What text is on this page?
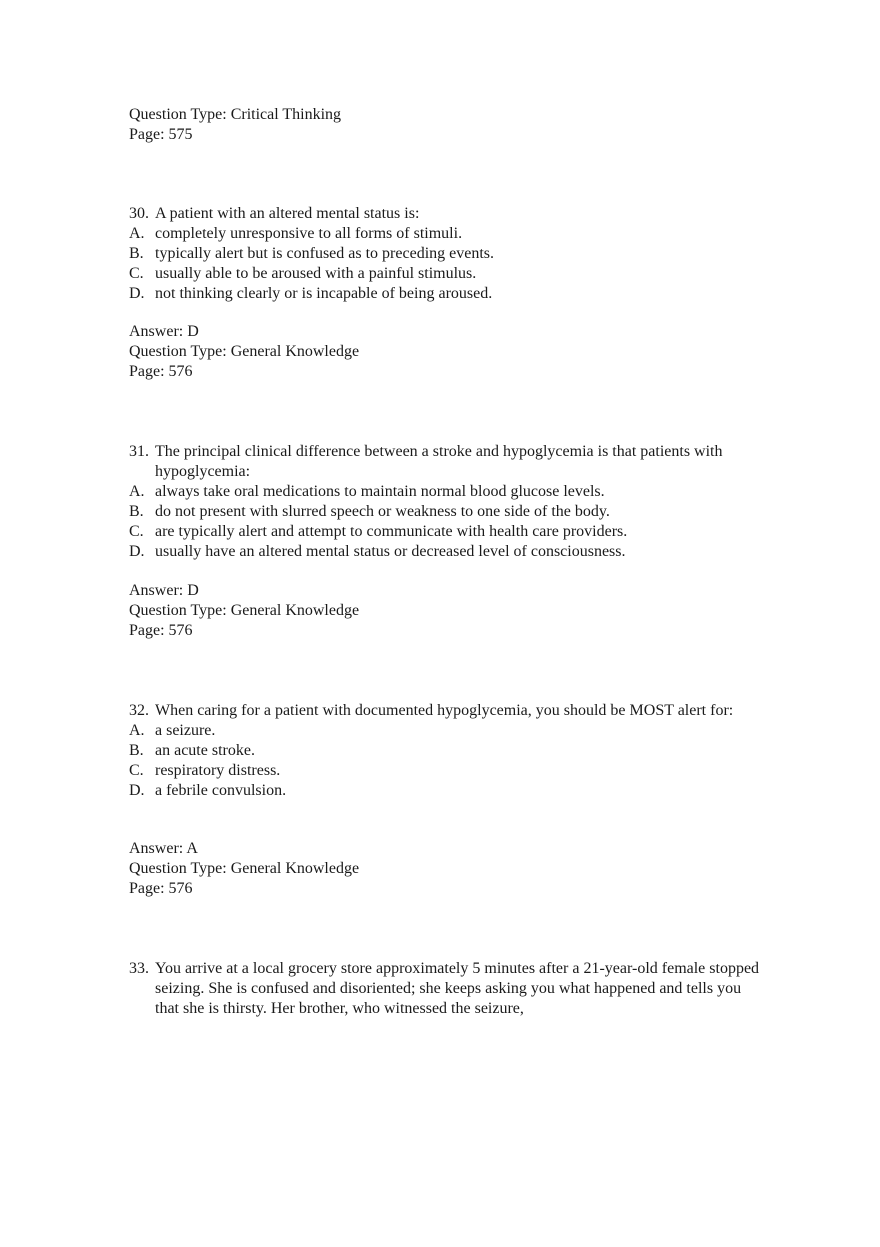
Question Type: Critical Thinking
Page: 575
30. A patient with an altered mental status is:
A. completely unresponsive to all forms of stimuli.
B. typically alert but is confused as to preceding events.
C. usually able to be aroused with a painful stimulus.
D. not thinking clearly or is incapable of being aroused.
Answer: D
Question Type: General Knowledge
Page: 576
31. The principal clinical difference between a stroke and hypoglycemia is that patients with hypoglycemia:
A. always take oral medications to maintain normal blood glucose levels.
B. do not present with slurred speech or weakness to one side of the body.
C. are typically alert and attempt to communicate with health care providers.
D. usually have an altered mental status or decreased level of consciousness.
Answer: D
Question Type: General Knowledge
Page: 576
32. When caring for a patient with documented hypoglycemia, you should be MOST alert for:
A. a seizure.
B. an acute stroke.
C. respiratory distress.
D. a febrile convulsion.
Answer: A
Question Type: General Knowledge
Page: 576
33. You arrive at a local grocery store approximately 5 minutes after a 21-year-old female stopped seizing. She is confused and disoriented; she keeps asking you what happened and tells you that she is thirsty. Her brother, who witnessed the seizure,
